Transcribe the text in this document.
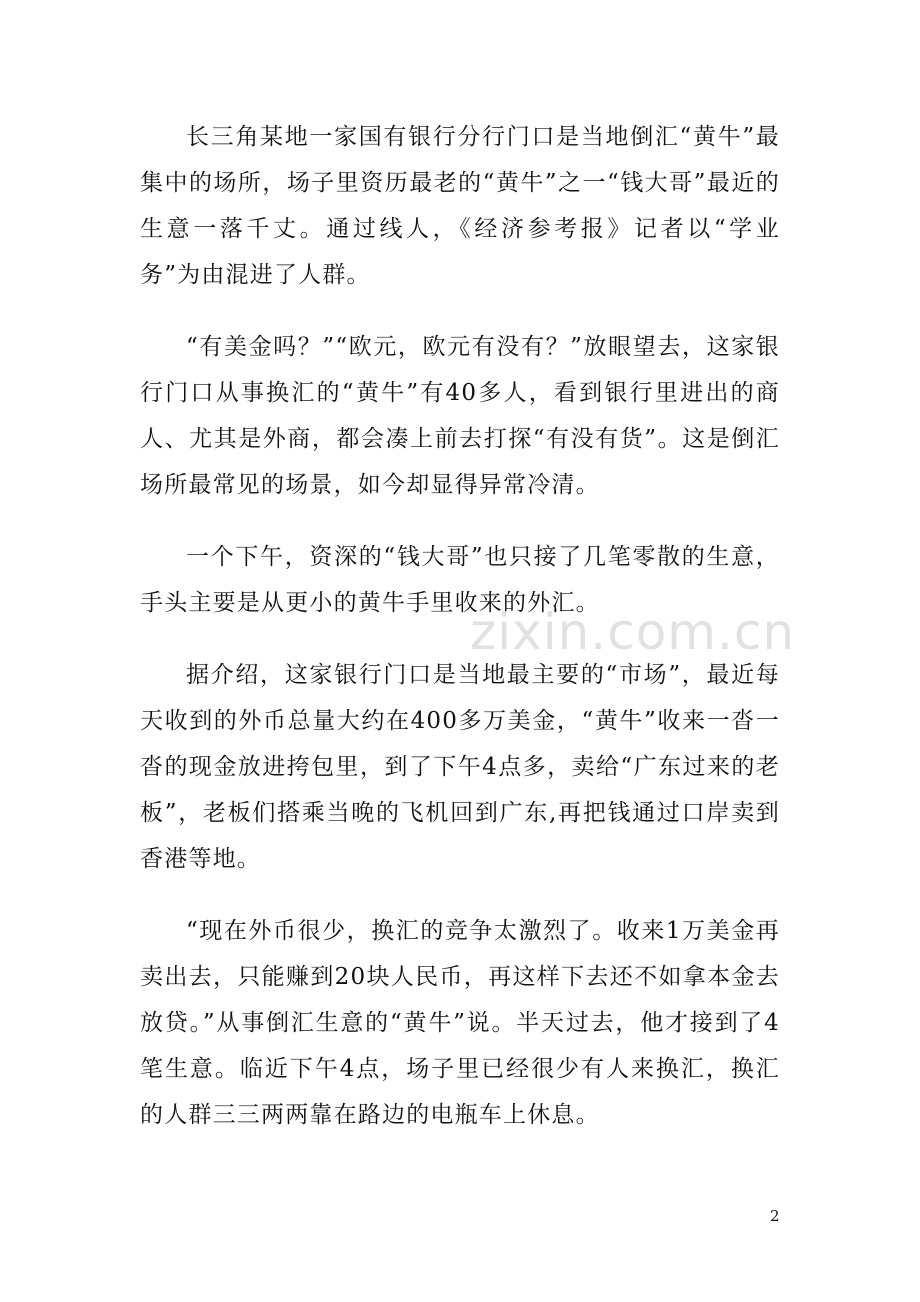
长三角某地一家国有银行分行门口是当地倒汇“黄牛”最集中的场所，场子里资历最老的“黄牛”之一“钱大哥”最近的生意一落千丈。通过线人，《经济参考报》记者以“学业务”为由混进了人群。

“有美金吗？”“欧元，欧元有没有？”放眼望去，这家银行门口从事换汇的“黄牛”有40多人，看到银行里进出的商人、尤其是外商，都会凑上前去打探“有没有货”。这是倒汇场所最常见的场景，如今却显得异常冷清。

一个下午，资深的“钱大哥”也只接了几笔零散的生意，手头主要是从更小的黄牛手里收来的外汇。

据介绍，这家银行门口是当地最主要的“市场”，最近每天收到的外币总量大约在400多万美金，“黄牛”收来一沓一沓的现金放进挎包里，到了下午4点多，卖给“广东过来的老板”，老板们搭乘当晚的飞机回到广东,再把钱通过口岸卖到香港等地。

“现在外币很少，换汇的竞争太激烈了。收来1万美金再卖出去，只能赚到20块人民币，再这样下去还不如拿本金去放贷。”从事倒汇生意的“黄牛”说。半天过去，他才接到了4笔生意。临近下午4点，场子里已经很少有人来换汇，换汇的人群三三两两靠在路边的电瓶车上休息。

zixin.com.cn
2
